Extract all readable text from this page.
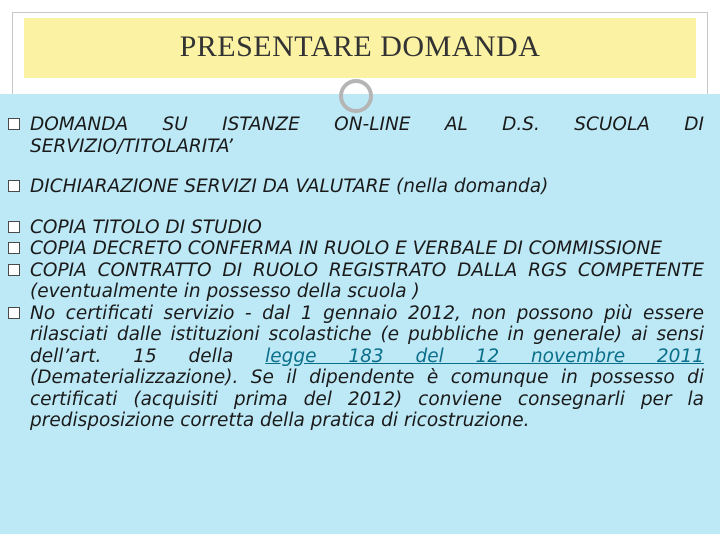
PRESENTARE DOMANDA
DOMANDA SU ISTANZE ON-LINE AL D.S. SCUOLA DI SERVIZIO/TITOLARITA’
DICHIARAZIONE SERVIZI DA VALUTARE (nella domanda)
COPIA TITOLO DI STUDIO
COPIA DECRETO CONFERMA IN RUOLO E VERBALE DI COMMISSIONE
COPIA CONTRATTO DI RUOLO REGISTRATO DALLA RGS COMPETENTE (eventualmente in possesso della scuola )
No certificati servizio - dal 1 gennaio 2012, non possono più essere rilasciati dalle istituzioni scolastiche (e pubbliche in generale) ai sensi dell’art. 15 della legge 183 del 12 novembre 2011 (Dematerializzazione). Se il dipendente è comunque in possesso di certificati (acquisiti prima del 2012) conviene consegnarli per la predisposizione corretta della pratica di ricostruzione.
